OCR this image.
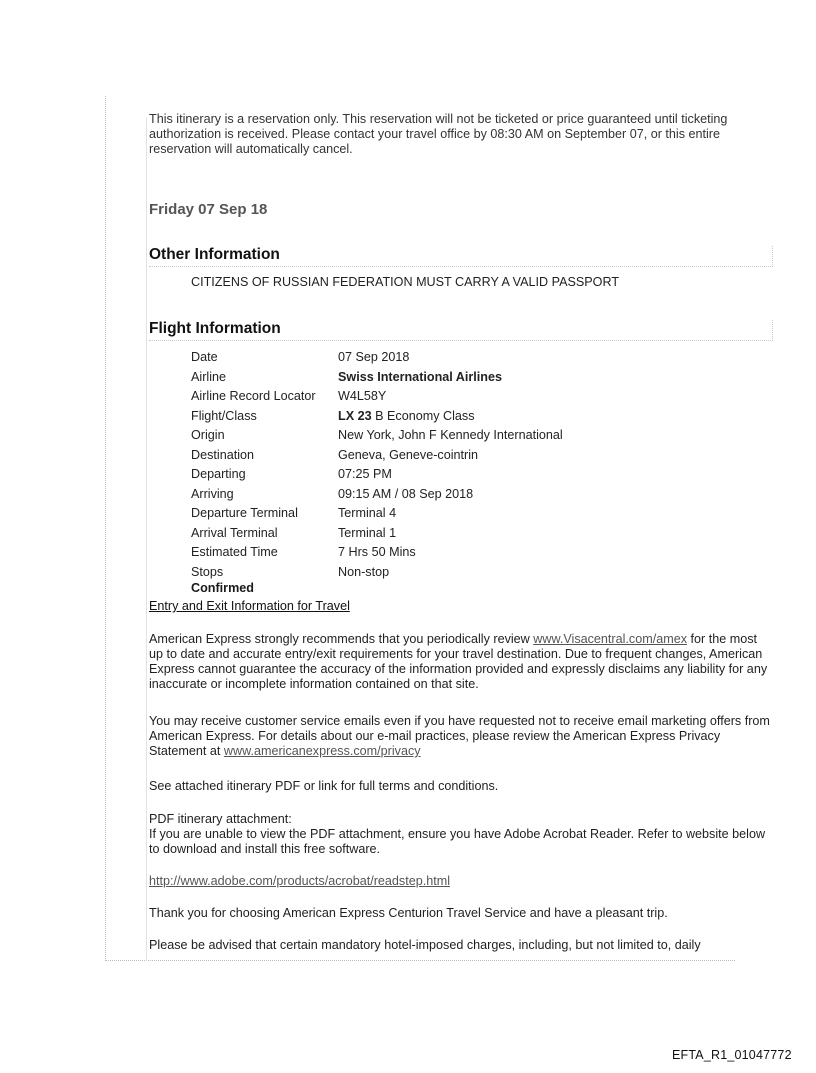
This itinerary is a reservation only. This reservation will not be ticketed or price guaranteed until ticketing authorization is received. Please contact your travel office by 08:30 AM on September 07, or this entire reservation will automatically cancel.

Friday 07 Sep 18
Other Information
CITIZENS OF RUSSIAN FEDERATION MUST CARRY A VALID PASSPORT
Flight Information
Date	07 Sep 2018
Airline	Swiss International Airlines
Airline Record Locator	W4L58Y
Flight/Class	LX 23 B Economy Class
Origin	New York, John F Kennedy International
Destination	Geneva, Geneve-cointrin
Departing	07:25 PM
Arriving	09:15 AM / 08 Sep 2018
Departure Terminal	Terminal 4
Arrival Terminal	Terminal 1
Estimated Time	7 Hrs 50 Mins
Stops	Non-stop
Confirmed
Entry and Exit Information for Travel

American Express strongly recommends that you periodically review www.Visacentral.com/amex for the most up to date and accurate entry/exit requirements for your travel destination. Due to frequent changes, American Express cannot guarantee the accuracy of the information provided and expressly disclaims any liability for any inaccurate or incomplete information contained on that site.

You may receive customer service emails even if you have requested not to receive email marketing offers from American Express. For details about our e-mail practices, please review the American Express Privacy Statement at www.americanexpress.com/privacy

See attached itinerary PDF or link for full terms and conditions.

PDF itinerary attachment:

If you are unable to view the PDF attachment, ensure you have Adobe Acrobat Reader. Refer to website below to download and install this free software.

http://www.adobe.com/products/acrobat/readstep.html

Thank you for choosing American Express Centurion Travel Service and have a pleasant trip.

Please be advised that certain mandatory hotel-imposed charges, including, but not limited to, daily

EFTA_R1_01047772
